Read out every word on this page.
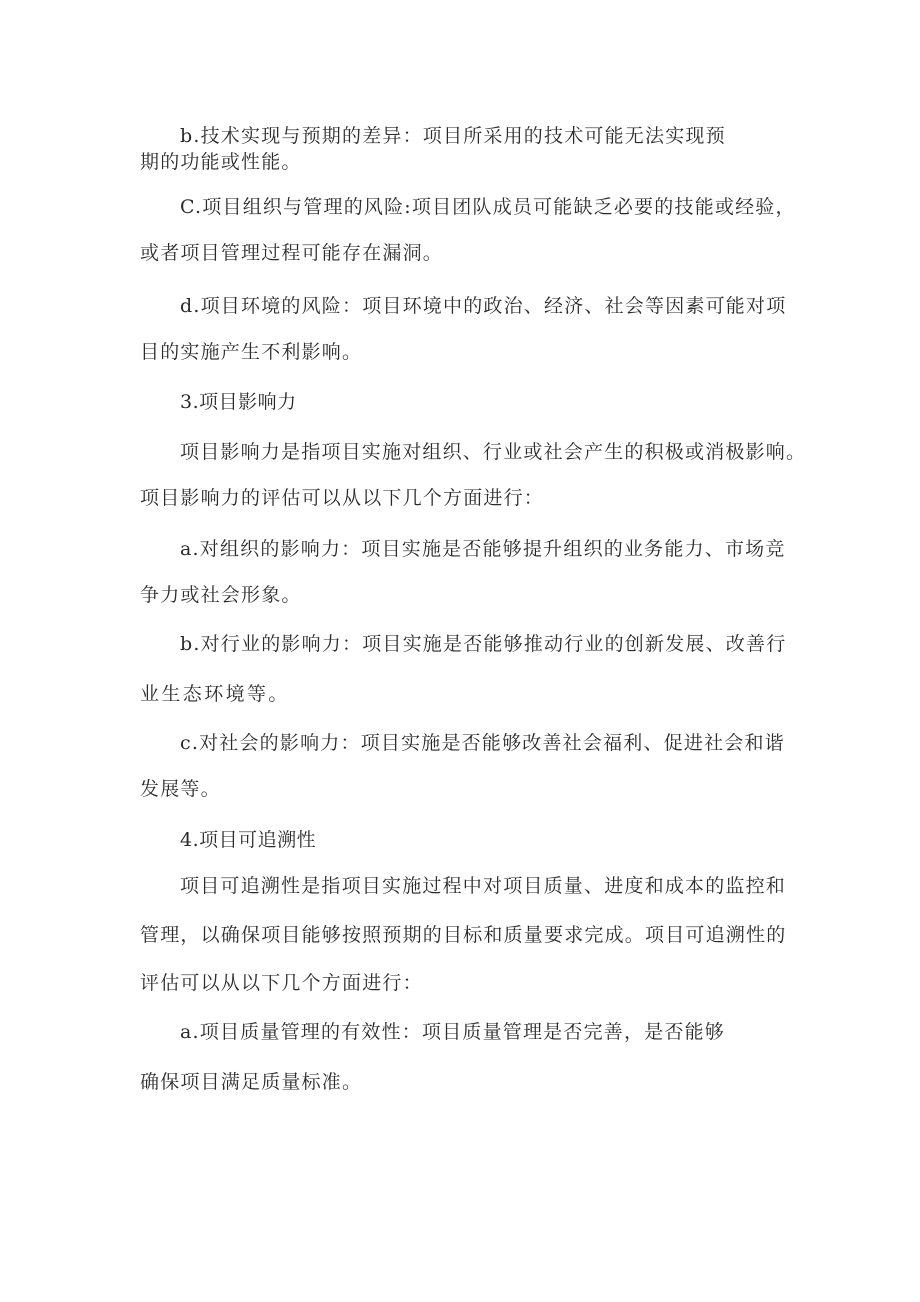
b.技术实现与预期的差异：项目所采用的技术可能无法实现预
期的功能或性能。
C.项目组织与管理的风险:项目团队成员可能缺乏必要的技能或经验，
或者项目管理过程可能存在漏洞。
d.项目环境的风险：项目环境中的政治、经济、社会等因素可能对项
目的实施产生不利影响。
3.项目影响力
项目影响力是指项目实施对组织、行业或社会产生的积极或消极影响。
项目影响力的评估可以从以下几个方面进行：
a.对组织的影响力：项目实施是否能够提升组织的业务能力、市场竞
争力或社会形象。
b.对行业的影响力：项目实施是否能够推动行业的创新发展、改善行
业生态环境等。
c.对社会的影响力：项目实施是否能够改善社会福利、促进社会和谐
发展等。
4.项目可追溯性
项目可追溯性是指项目实施过程中对项目质量、进度和成本的监控和
管理，以确保项目能够按照预期的目标和质量要求完成。项目可追溯性的
评估可以从以下几个方面进行：
a.项目质量管理的有效性：项目质量管理是否完善，是否能够
确保项目满足质量标准。
